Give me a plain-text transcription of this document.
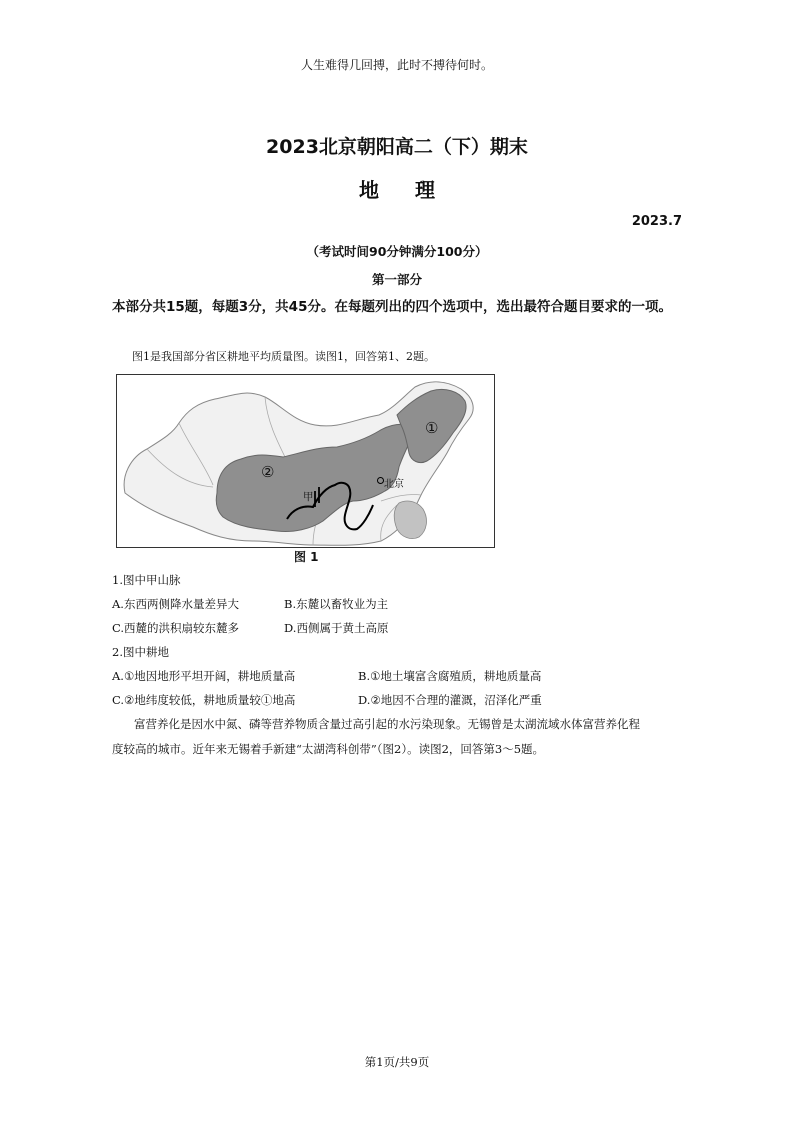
人生难得几回搏，此时不搏待何时。
2023北京朝阳高二（下）期末
地理
2023.7
（考试时间90分钟满分100分）
第一部分
本部分共15题，每题3分，共45分。在每题列出的四个选项中，选出最符合题目要求的一项。
图1是我国部分省区耕地平均质量图。读图1，回答第1、2题。
①
②
甲
北京
图 1
1.图中甲山脉
A.东西两侧降水量差异大	B.东麓以畜牧业为主
C.西麓的洪积扇较东麓多	D.西侧属于黄土高原
2.图中耕地
A.①地因地形平坦开阔，耕地质量高	B.①地土壤富含腐殖质，耕地质量高
C.②地纬度较低，耕地质量较①地高	D.②地因不合理的灌溉，沼泽化严重
富营养化是因水中氮、磷等营养物质含量过高引起的水污染现象。无锡曾是太湖流域水体富营养化程
度较高的城市。近年来无锡着手新建“太湖湾科创带”（图2）。读图2，回答第3～5题。
第1页/共9页
